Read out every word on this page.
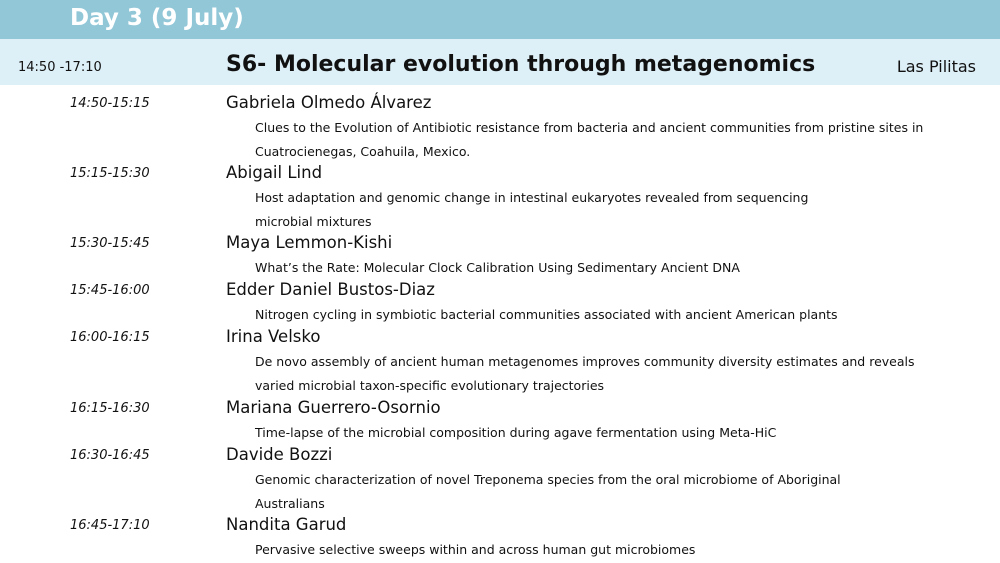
Day 3 (9 July)
14:50 -17:10	S6- Molecular evolution through metagenomics	Las Pilitas
14:50-15:15	Gabriela Olmedo Álvarez
Clues to the Evolution of Antibiotic resistance from bacteria and ancient communities from pristine sites in Cuatrocienegas, Coahuila, Mexico.
15:15-15:30	Abigail Lind
Host adaptation and genomic change in intestinal eukaryotes revealed from sequencing microbial mixtures
15:30-15:45	Maya Lemmon-Kishi
What’s the Rate: Molecular Clock Calibration Using Sedimentary Ancient DNA
15:45-16:00	Edder Daniel Bustos-Diaz
Nitrogen cycling in symbiotic bacterial communities associated with ancient American plants
16:00-16:15	Irina Velsko
De novo assembly of ancient human metagenomes improves community diversity estimates and reveals varied microbial taxon-specific evolutionary trajectories
16:15-16:30	Mariana Guerrero-Osornio
Time-lapse of the microbial composition during agave fermentation using Meta-HiC
16:30-16:45	Davide Bozzi
Genomic characterization of novel Treponema species from the oral microbiome of Aboriginal Australians
16:45-17:10	Nandita Garud
Pervasive selective sweeps within and across human gut microbiomes
